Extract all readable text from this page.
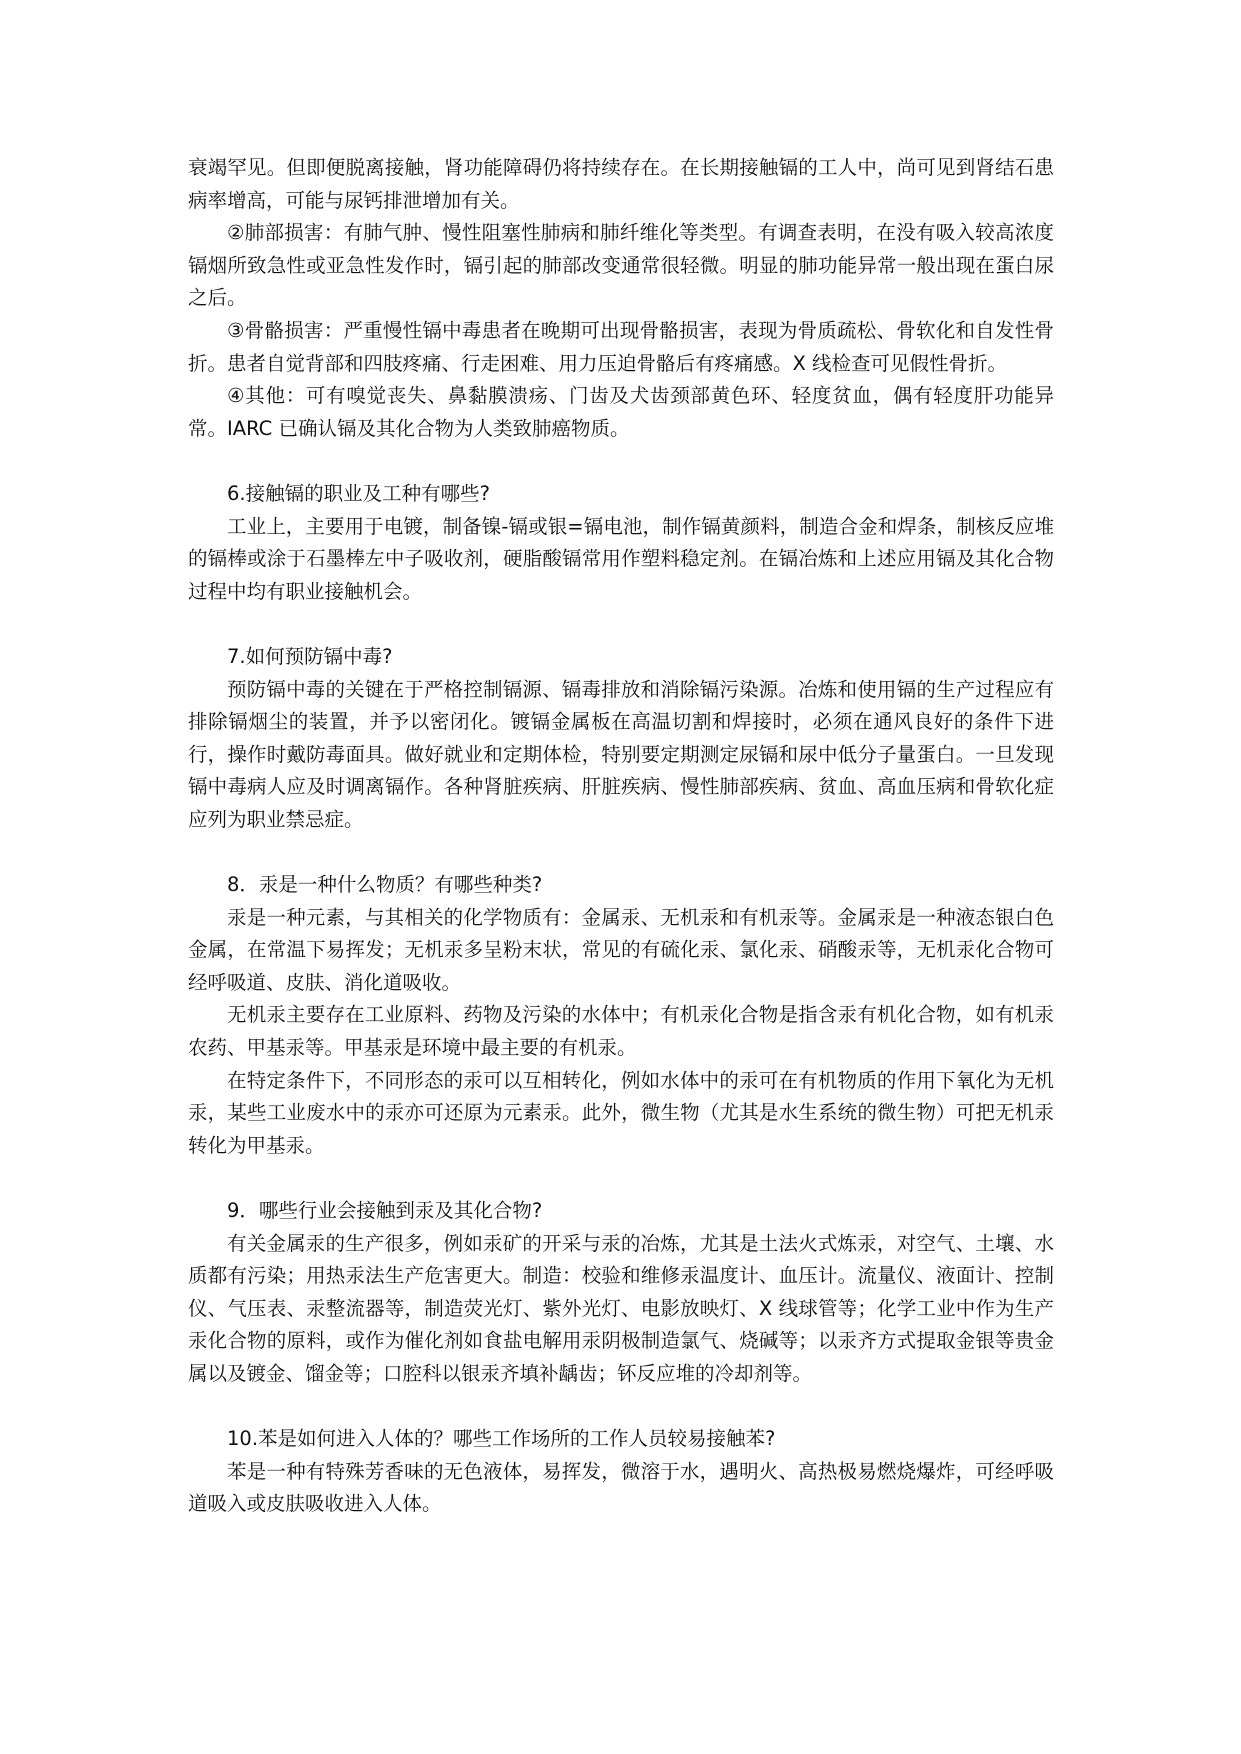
衰竭罕见。但即便脱离接触，肾功能障碍仍将持续存在。在长期接触镉的工人中，尚可见到肾结石患病率增高，可能与尿钙排泄增加有关。

②肺部损害：有肺气肿、慢性阻塞性肺病和肺纤维化等类型。有调查表明，在没有吸入较高浓度镉烟所致急性或亚急性发作时，镉引起的肺部改变通常很轻微。明显的肺功能异常一般出现在蛋白尿之后。

③骨骼损害：严重慢性镉中毒患者在晚期可出现骨骼损害，表现为骨质疏松、骨软化和自发性骨折。患者自觉背部和四肢疼痛、行走困难、用力压迫骨骼后有疼痛感。X 线检查可见假性骨折。

④其他：可有嗅觉丧失、鼻黏膜溃疡、门齿及犬齿颈部黄色环、轻度贫血，偶有轻度肝功能异常。IARC 已确认镉及其化合物为人类致肺癌物质。

6.接触镉的职业及工种有哪些?

工业上，主要用于电镀，制备镍-镉或银=镉电池，制作镉黄颜料，制造合金和焊条，制核反应堆的镉棒或涂于石墨棒左中子吸收剂，硬脂酸镉常用作塑料稳定剂。在镉冶炼和上述应用镉及其化合物过程中均有职业接触机会。

7.如何预防镉中毒?

预防镉中毒的关键在于严格控制镉源、镉毒排放和消除镉污染源。冶炼和使用镉的生产过程应有排除镉烟尘的装置，并予以密闭化。镀镉金属板在高温切割和焊接时，必须在通风良好的条件下进行，操作时戴防毒面具。做好就业和定期体检，特别要定期测定尿镉和尿中低分子量蛋白。一旦发现镉中毒病人应及时调离镉作。各种肾脏疾病、肝脏疾病、慢性肺部疾病、贫血、高血压病和骨软化症应列为职业禁忌症。

8．汞是一种什么物质？有哪些种类?

汞是一种元素，与其相关的化学物质有：金属汞、无机汞和有机汞等。金属汞是一种液态银白色金属，在常温下易挥发；无机汞多呈粉末状，常见的有硫化汞、氯化汞、硝酸汞等，无机汞化合物可经呼吸道、皮肤、消化道吸收。

无机汞主要存在工业原料、药物及污染的水体中；有机汞化合物是指含汞有机化合物，如有机汞农药、甲基汞等。甲基汞是环境中最主要的有机汞。

在特定条件下，不同形态的汞可以互相转化，例如水体中的汞可在有机物质的作用下氧化为无机汞，某些工业废水中的汞亦可还原为元素汞。此外，微生物（尤其是水生系统的微生物）可把无机汞转化为甲基汞。

9．哪些行业会接触到汞及其化合物?

有关金属汞的生产很多，例如汞矿的开采与汞的冶炼，尤其是土法火式炼汞，对空气、土壤、水质都有污染；用热汞法生产危害更大。制造：校验和维修汞温度计、血压计。流量仪、液面计、控制仪、气压表、汞整流器等，制造荧光灯、紫外光灯、电影放映灯、X 线球管等；化学工业中作为生产汞化合物的原料，或作为催化剂如食盐电解用汞阴极制造氯气、烧碱等；以汞齐方式提取金银等贵金属以及镀金、馏金等；口腔科以银汞齐填补龋齿；钚反应堆的冷却剂等。

10.苯是如何进入人体的？哪些工作场所的工作人员较易接触苯?

苯是一种有特殊芳香味的无色液体，易挥发，微溶于水，遇明火、高热极易燃烧爆炸，可经呼吸道吸入或皮肤吸收进入人体。
